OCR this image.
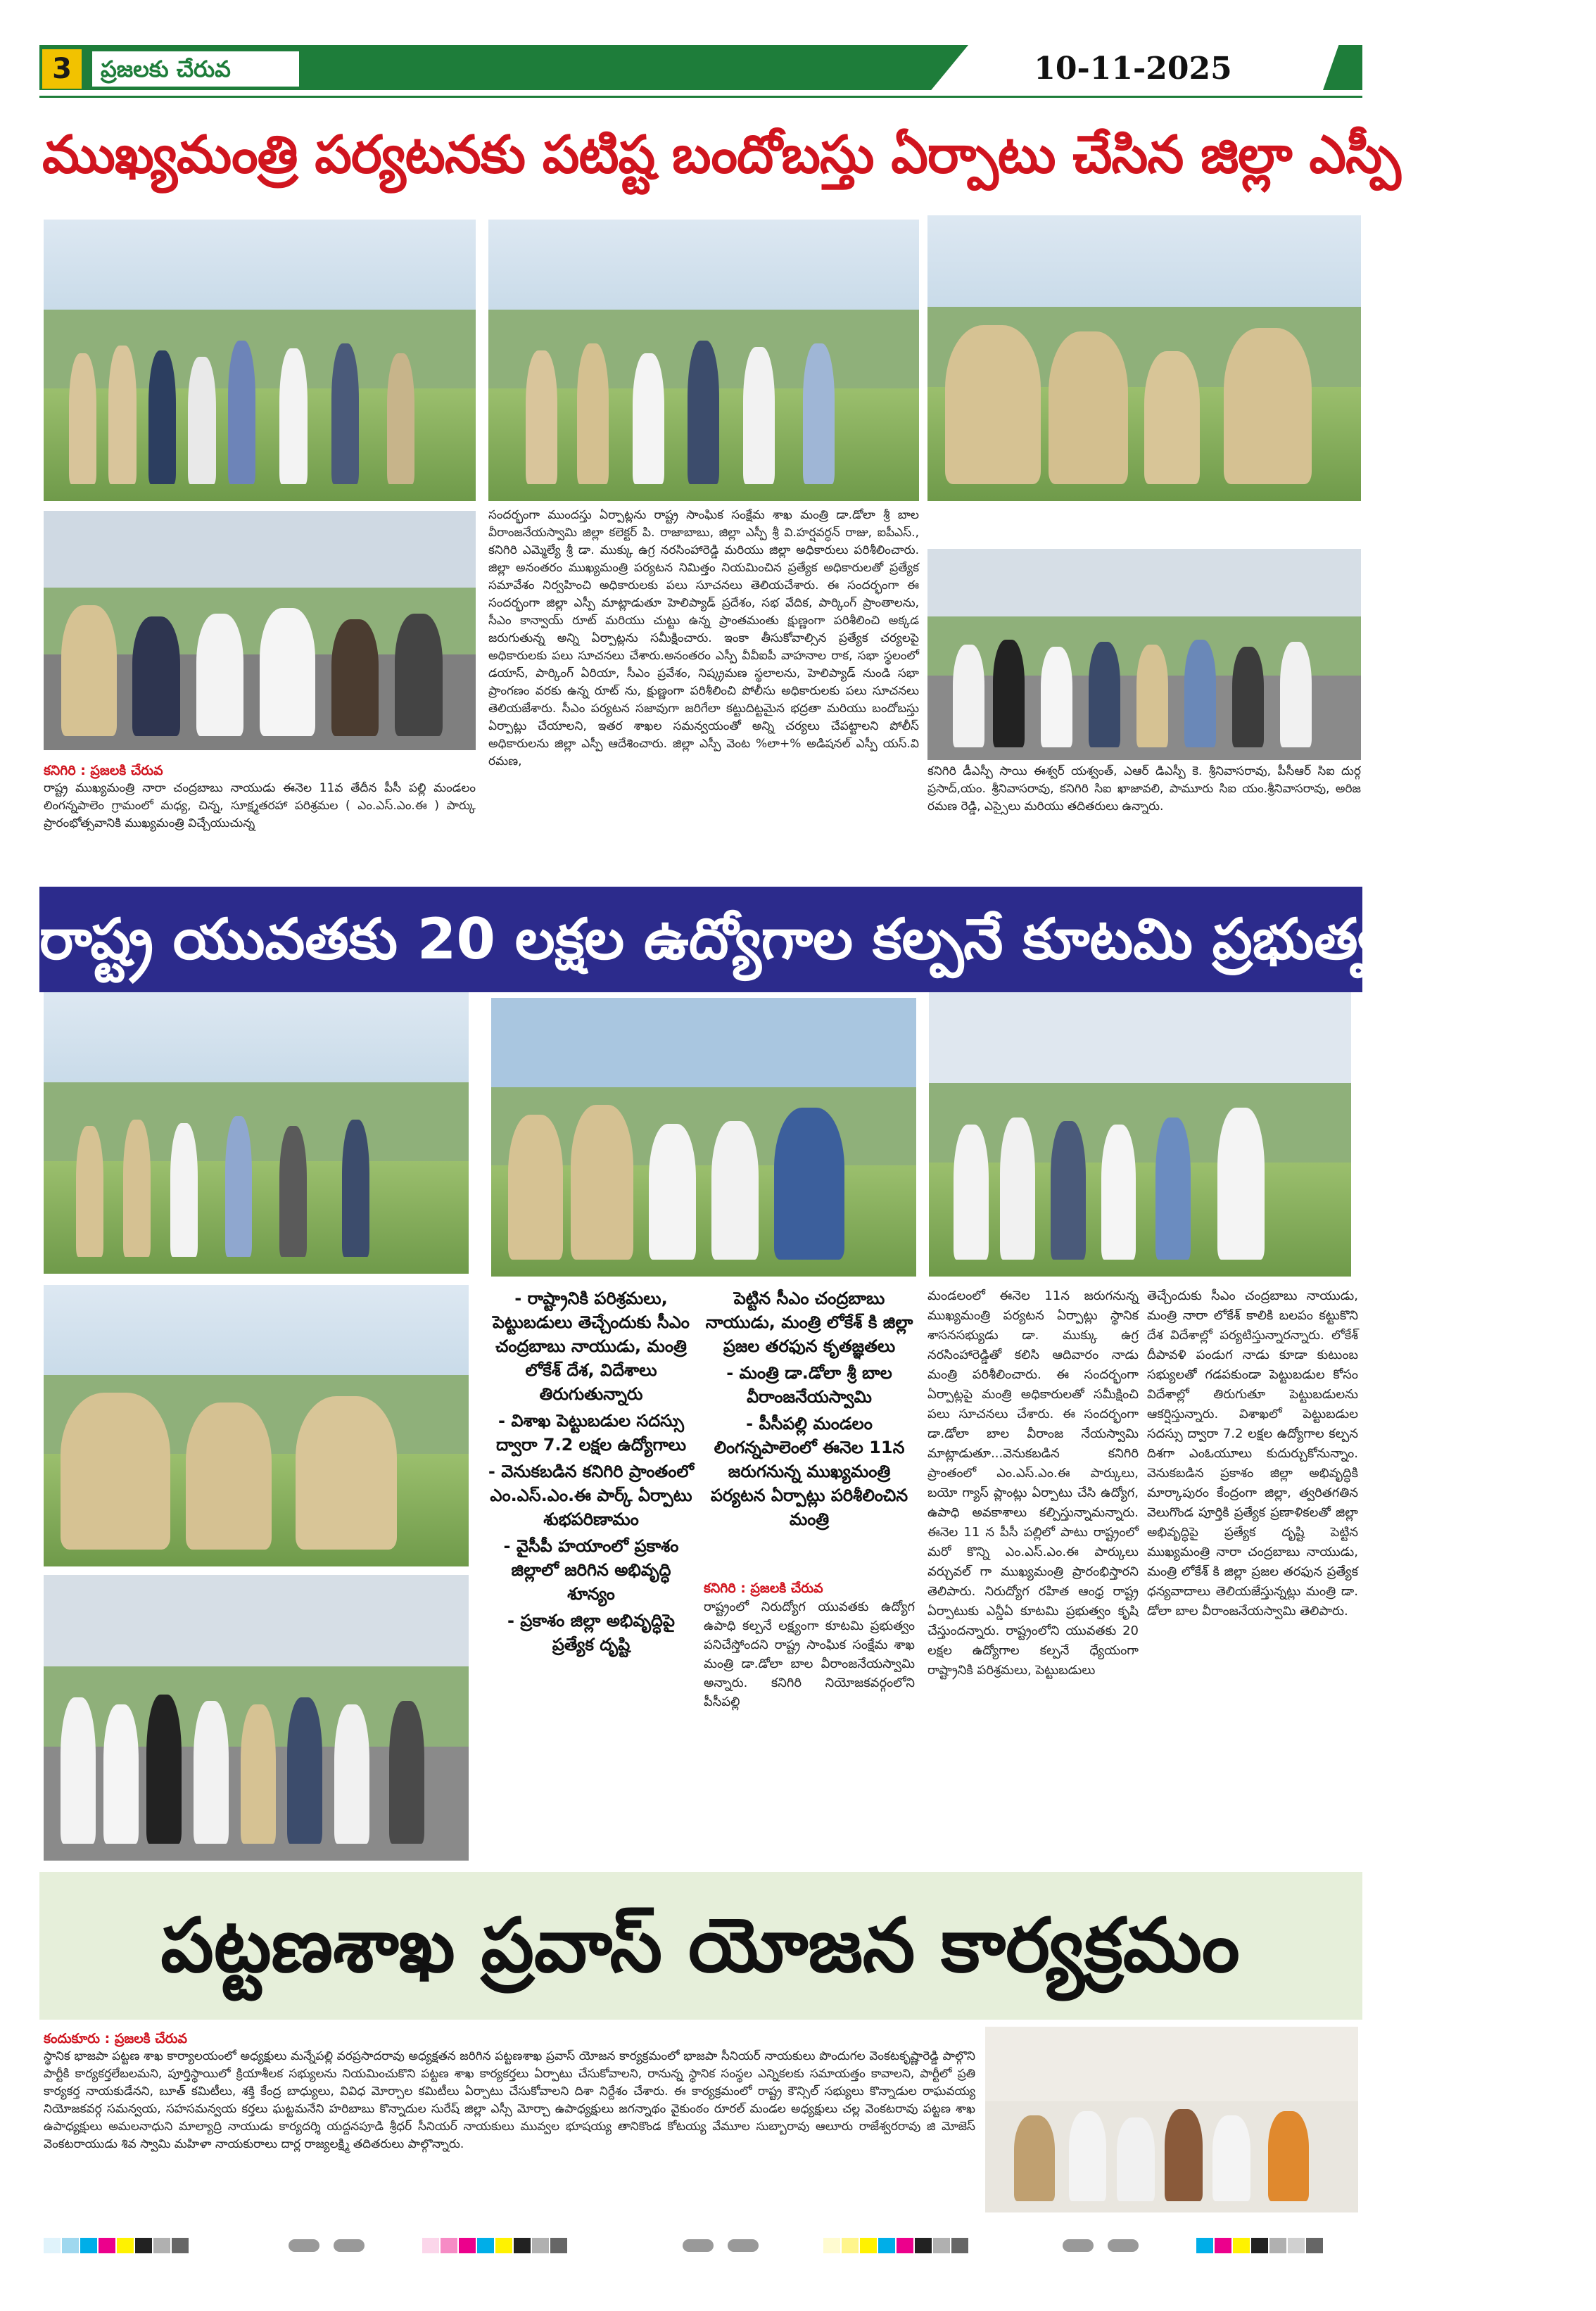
3	ప్రజలకు చేరువ	10-11-2025
ముఖ్యమంత్రి పర్యటనకు పటిష్ట బందోబస్తు ఏర్పాటు చేసిన జిల్లా ఎస్పీ
కనిగిరి : ప్రజలకి చేరువ
రాష్ట్ర ముఖ్యమంత్రి నారా చంద్రబాబు నాయుడు ఈనెల 11వ తేదీన పీసీ పల్లి మండలం లింగన్నపాలెం గ్రామంలో మధ్య, చిన్న, సూక్ష్మతరహా పరిశ్రమల ( ఎం.ఎస్.ఎం.ఈ ) పార్కు ప్రారంభోత్సవానికి ముఖ్యమంత్రి విచ్చేయుచున్న
సందర్భంగా ముందస్తు ఏర్పాట్లను రాష్ట్ర సాంఘిక సంక్షేమ శాఖ మంత్రి డా.డోలా శ్రీ బాల వీరాంజనేయస్వామి జిల్లా కలెక్టర్ పి. రాజాబాబు, జిల్లా ఎస్పీ శ్రీ వి.హర్షవర్ధన్ రాజు, ఐపీఎస్., కనిగిరి ఎమ్మెల్యే శ్రీ డా. ముక్కు ఉగ్ర నరసింహారెడ్డి మరియు జిల్లా అధికారులు పరిశీలించారు. జిల్లా అనంతరం ముఖ్యమంత్రి పర్యటన నిమిత్తం నియమించిన ప్రత్యేక అధికారులతో ప్రత్యేక సమావేశం నిర్వహించి అధికారులకు పలు సూచనలు తెలియచేశారు. ఈ సందర్భంగా ఈ సందర్భంగా జిల్లా ఎస్పీ మాట్లాడుతూ హెలిప్యాడ్ ప్రదేశం, సభ వేదిక, పార్కింగ్ ప్రాంతాలను, సీఎం కాన్వాయ్ రూట్ మరియు చుట్టు ఉన్న ప్రాంతమంతు క్షుణ్ణంగా పరిశీలించి అక్కడ జరుగుతున్న అన్ని ఏర్పాట్లను సమీక్షించారు. ఇంకా తీసుకోవాల్సిన ప్రత్యేక చర్యలపై అధికారులకు పలు సూచనలు చేశారు.అనంతరం ఎస్పీ వీవీఐపీ వాహనాల రాక, సభా స్థలంలో డయాస్, పార్కింగ్ ఏరియా, సీఎం ప్రవేశం, నిష్క్రమణ స్థలాలను, హెలిప్యాడ్ నుండి సభా ప్రాంగణం వరకు ఉన్న రూట్ ను, క్షుణ్ణంగా పరిశీలించి పోలీసు అధికారులకు పలు సూచనలు తెలియజేశారు. సీఎం పర్యటన సజావుగా జరిగేలా కట్టుదిట్టమైన భద్రతా మరియు బందోబస్తు ఏర్పాట్లు చేయాలని, ఇతర శాఖల సమన్వయంతో అన్ని చర్యలు చేపట్టాలని పోలీస్ అధికారులను జిల్లా ఎస్పీ ఆదేశించారు. జిల్లా ఎస్పీ వెంట %లా+% అడిషనల్ ఎస్పీ యస్.వి రమణ,
కనిగిరి డీఎస్పీ సాయి ఈశ్వర్ యశ్వంత్, ఎఆర్ డిఎస్పీ కె. శ్రీనివాసరావు, పీసీఆర్ సిఐ దుర్గ ప్రసాద్,యం. శ్రీనివాసరావు, కనిగిరి సిఐ ఖాజావలి, పామూరు సిఐ యం.శ్రీనివాసరావు, అరిజ రమణ రెడ్డి, ఎస్సైలు మరియు తదితరులు ఉన్నారు.
రాష్ట్ర యువతకు 20 లక్షల ఉద్యోగాల కల్పనే కూటమి ప్రభుత్వం ధ్యేయం
- రాష్ట్రానికి పరిశ్రమలు, పెట్టుబడులు తెచ్చేందుకు సీఎం చంద్రబాబు నాయుడు, మంత్రి లోకేశ్ దేశ, విదేశాలు తిరుగుతున్నారు
- విశాఖ పెట్టుబడుల సదస్సు ద్వారా 7.2 లక్షల ఉద్యోగాలు
- వెనుకబడిన కనిగిరి ప్రాంతంలో ఎం.ఎస్.ఎం.ఈ పార్క్ ఏర్పాటు శుభపరిణామం
- వైసీపీ హయాంలో ప్రకాశం జిల్లాలో జరిగిన అభివృద్ధి శూన్యం
- ప్రకాశం జిల్లా అభివృద్ధిపై ప్రత్యేక దృష్టి
పెట్టిన సీఎం చంద్రబాబు నాయుడు, మంత్రి లోకేశ్ కి జిల్లా ప్రజల తరఫున కృతజ్ఞతలు
- మంత్రి డా.డోలా శ్రీ బాల వీరాంజనేయస్వామి
- పీసీపల్లి మండలం లింగన్నపాలెంలో ఈనెల 11న జరుగనున్న ముఖ్యమంత్రి పర్యటన ఏర్పాట్లు పరిశీలించిన మంత్రి
కనిగిరి : ప్రజలకి చేరువ
రాష్ట్రంలో నిరుద్యోగ యువతకు ఉద్యోగ ఉపాధి కల్పనే లక్ష్యంగా కూటమి ప్రభుత్వం పనిచేస్తోందని రాష్ట్ర సాంఘిక సంక్షేమ శాఖ మంత్రి డా.డోలా బాల వీరాంజనేయస్వామి అన్నారు. కనిగిరి నియోజకవర్గంలోని పీసీపల్లి
మండలంలో ఈనెల 11న జరుగనున్న ముఖ్యమంత్రి పర్యటన ఏర్పాట్లు స్థానిక శాసనసభ్యుడు డా. ముక్కు ఉగ్ర నరసింహారెడ్డితో కలిసి ఆదివారం నాడు మంత్రి పరిశీలించారు. ఈ సందర్భంగా ఏర్పాట్లపై మంత్రి అధికారులతో సమీక్షించి పలు సూచనలు చేశారు. ఈ సందర్భంగా డా.డోలా బాల వీరాంజ నేయస్వామి మాట్లాడుతూ...వెనుకబడిన కనిగిరి ప్రాంతంలో ఎం.ఎస్.ఎం.ఈ పార్కులు, బయో గ్యాస్ ప్లాంట్లు ఏర్పాటు చేసి ఉద్యోగ, ఉపాధి అవకాశాలు కల్పిస్తున్నామన్నారు. ఈనెల 11 న పీసీ పల్లిలో పాటు రాష్ట్రంలో మరో కొన్ని ఎం.ఎస్.ఎం.ఈ పార్కులు వర్చువల్ గా ముఖ్యమంత్రి ప్రారంభిస్తారని తెలిపారు. నిరుద్యోగ రహిత ఆంధ్ర రాష్ట్ర ఏర్పాటుకు ఎన్డీఏ కూటమి ప్రభుత్వం కృషి చేస్తుందన్నారు. రాష్ట్రంలోని యువతకు 20 లక్షల ఉద్యోగాల కల్పనే ధ్యేయంగా రాష్ట్రానికి పరిశ్రమలు, పెట్టుబడులు
తెచ్చేందుకు సీఎం చంద్రబాబు నాయుడు, మంత్రి నారా లోకేశ్ కాలికి బలపం కట్టుకొని దేశ విదేశాల్లో పర్యటిస్తున్నారన్నారు. లోకేశ్ దీపావళి పండుగ నాడు కూడా కుటుంబ సభ్యులతో గడపకుండా పెట్టుబడుల కోసం విదేశాల్లో తిరుగుతూ పెట్టుబడులను ఆకర్షిస్తున్నారు. విశాఖలో పెట్టుబడుల సదస్సు ద్వారా 7.2 లక్షల ఉద్యోగాల కల్పన దిశగా ఎంఓయూలు కుదుర్చుకోనున్నాం. వెనుకబడిన ప్రకాశం జిల్లా అభివృద్ధికి మార్కాపురం కేంద్రంగా జిల్లా, త్వరితగతిన వెలుగొండ పూర్తికి ప్రత్యేక ప్రణాళికలతో జిల్లా అభివృద్ధిపై ప్రత్యేక దృష్టి పెట్టిన ముఖ్యమంత్రి నారా చంద్రబాబు నాయుడు, మంత్రి లోకేశ్ కి జిల్లా ప్రజల తరఫున ప్రత్యేక ధన్యవాదాలు తెలియజేస్తున్నట్లు మంత్రి డా. డోలా బాల వీరాంజనేయస్వామి తెలిపారు.
పట్టణశాఖ ప్రవాస్ యోజన కార్యక్రమం
కందుకూరు : ప్రజలకి చేరువ
స్థానిక భాజపా పట్టణ శాఖ కార్యాలయంలో అధ్యక్షులు మన్నేపల్లి వరప్రసాదరావు అధ్యక్షతన జరిగిన పట్టణశాఖ ప్రవాస్ యోజన కార్యక్రమంలో భాజపా సీనియర్ నాయకులు పొందుగల వెంకటకృష్ణారెడ్డి పాల్గొని పార్టీకి కార్యకర్తలేబలమని, పూర్తిస్థాయిలో క్రియాశీలక సభ్యులను నియమించుకొని పట్టణ శాఖ కార్యకర్తలు ఏర్పాటు చేసుకోవాలని, రానున్న స్థానిక సంస్థల ఎన్నికలకు సమాయత్తం కావాలని, పార్టీలో ప్రతి కార్యకర్త నాయకుడేనని, బూత్ కమిటీలు, శక్తి కేంద్ర బాధ్యులు, వివిధ మోర్చాల కమిటీలు ఏర్పాటు చేసుకోవాలని దిశా నిర్దేశం చేశారు. ఈ కార్యక్రమంలో రాష్ట్ర కౌన్సిల్ సభ్యులు కొన్నాడుల రాఘవయ్య నియోజకవర్గ సమన్వయ, సహసమన్వయ కర్తలు ఘట్టమనేని హరిబాబు కొన్నాదుల సురేష్ జిల్లా ఎస్సీ మోర్చా ఉపాధ్యక్షులు జగన్నాథం వైకుంఠం రూరల్ మండల అధ్యక్షులు చల్ల వెంకటరావు పట్టణ శాఖ ఉపాధ్యక్షులు అమలనాధుని మాల్యాద్రి నాయుడు కార్యదర్శి యద్దనపూడి శ్రీధర్ సీనియర్ నాయకులు మువ్వల భూషయ్య తానికొండ కోటయ్య వేమూల సుబ్బారావు ఆలూరు రాజేశ్వరరావు జి మోజెస్ వెంకటరాయుడు శివ స్వామి మహిళా నాయకురాలు దార్ల రాజ్యలక్ష్మి తదితరులు పాల్గొన్నారు.
